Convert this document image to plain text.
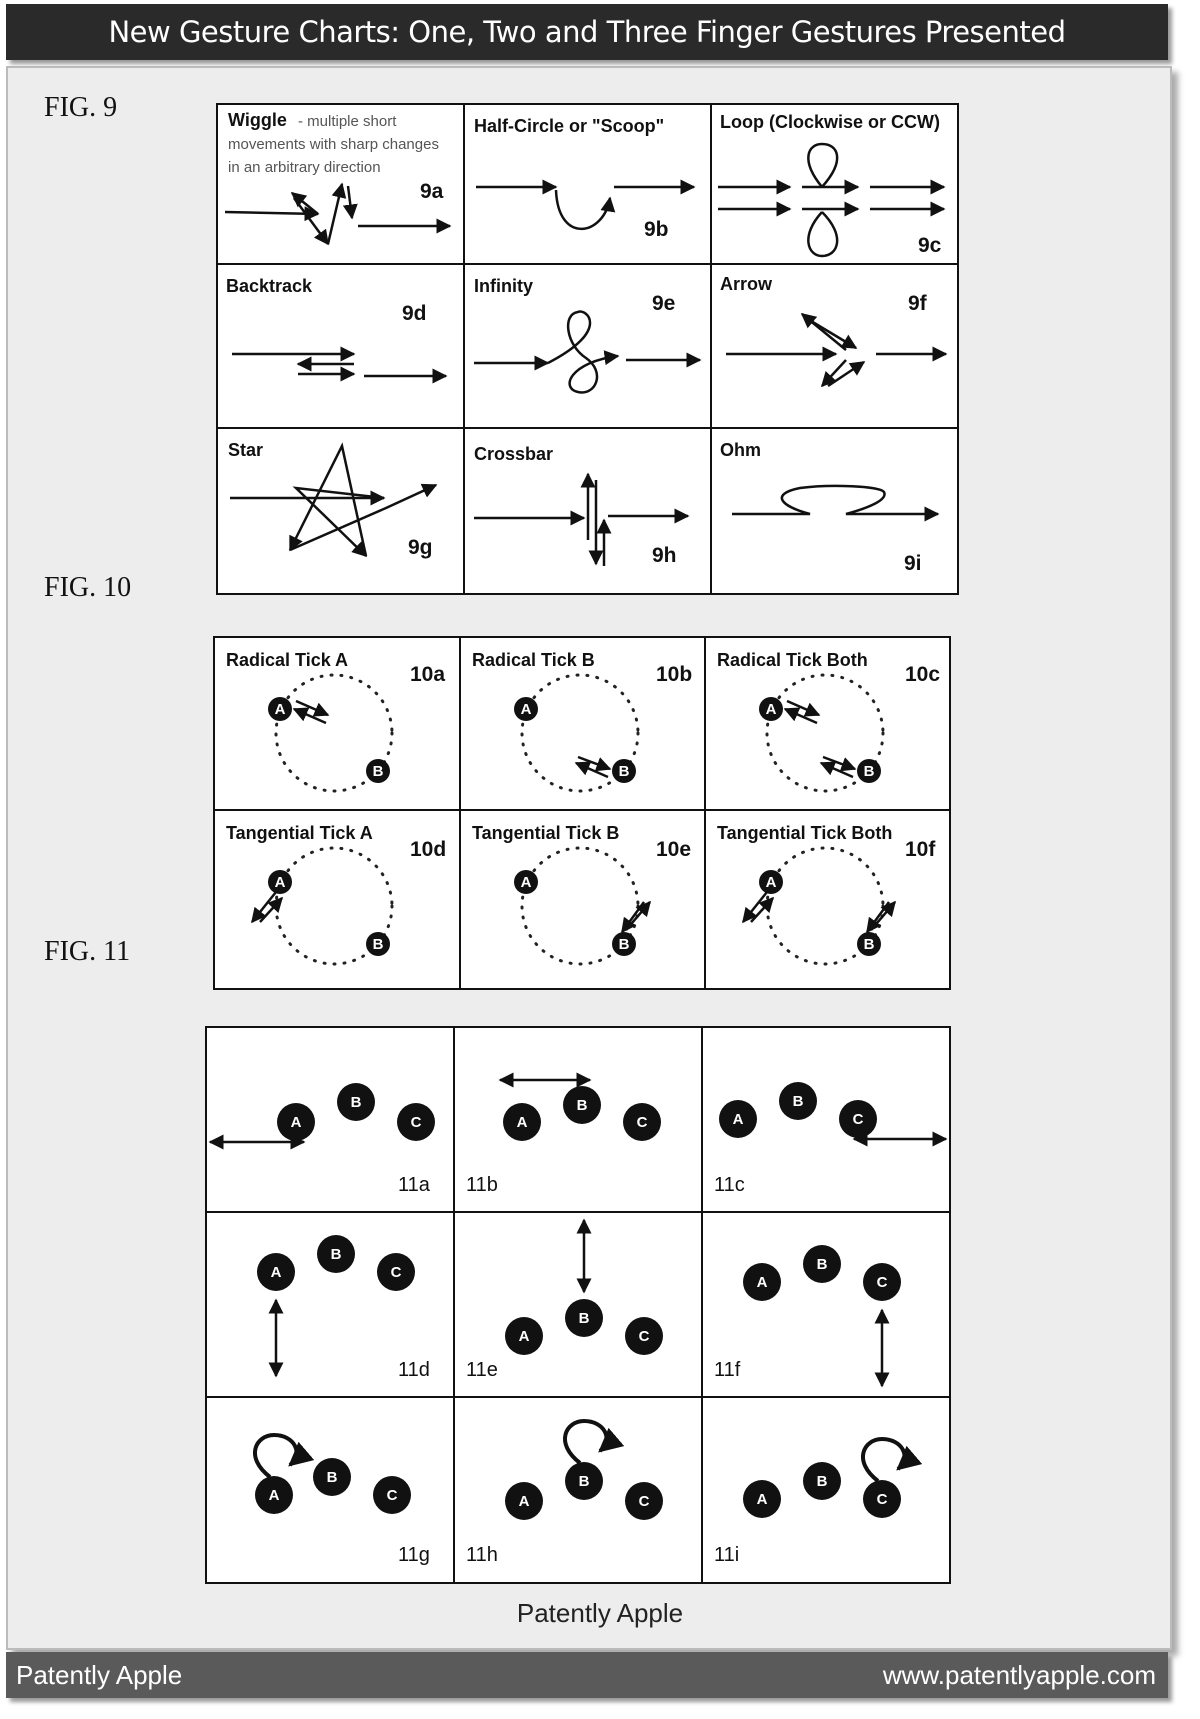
New Gesture Charts: One, Two and Three Finger Gestures Presented
FIG. 9
FIG. 10
FIG. 11
Wiggle - multiple short
movements with sharp changes
in an arbitrary direction
9a
Half-Circle or "Scoop"
9b
Loop (Clockwise or CCW)
9c
Backtrack
9d
Infinity
9e
Arrow
9f
Star
9g
Crossbar
9h
Ohm
9i
Radical Tick A
10a
A
B
Radical Tick B
10b
A
B
Radical Tick Both
10c
A
B
Tangential Tick A
10d
A
B
Tangential Tick B
10e
A
B
Tangential Tick Both
10f
A
B
11a
A
B
C
11b
A
B
C
11c
A
B
C
11d
A
B
C
11e
A
B
C
11f
A
B
C
11g
A
B
C
11h
A
B
C
11i
A
B
C
Patently Apple
Patently Apple	www.patentlyapple.com
